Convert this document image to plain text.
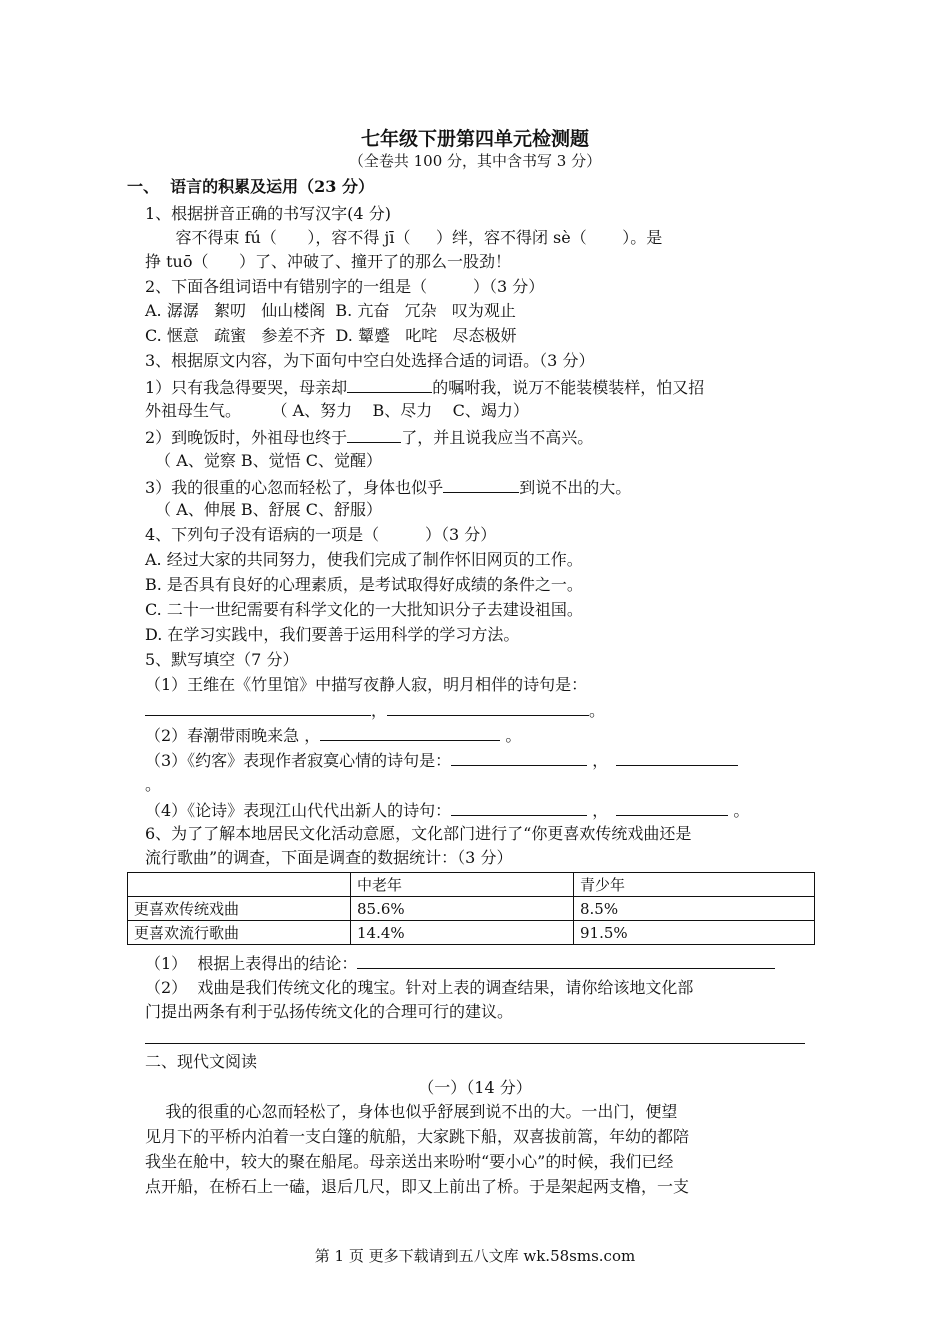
七年级下册第四单元检测题
（全卷共 100 分，其中含书写 3 分）
一、  语言的积累及运用（23 分）
1、根据拼音正确的书写汉字(4 分)
容不得束 fú（      ），容不得 jī（     ）绊，容不得闭 sè（       ）。是
挣 tuō（      ）了、冲破了、撞开了的那么一股劲！
2、下面各组词语中有错别字的一组是（         ）（3 分）
A. 潺潺   絮叨   仙山楼阁  B. 亢奋   冗杂   叹为观止
C. 惬意   疏蜜   参差不齐  D. 颦蹙   叱咤   尽态极妍
3、根据原文内容，为下面句中空白处选择合适的词语。（3 分）
1）只有我急得要哭，母亲却	的嘱咐我，说万不能装模装样，怕又招
外祖母生气。      （ A、努力    B、尽力    C、竭力）
2）到晚饭时，外祖母也终于	了，并且说我应当不高兴。
（ A、觉察 B、觉悟 C、觉醒）
3）我的很重的心忽而轻松了，身体也似乎	到说不出的大。
（ A、伸展 B、舒展 C、舒服）
4、下列句子没有语病的一项是（         ）（3 分）
A. 经过大家的共同努力，使我们完成了制作怀旧网页的工作。
B. 是否具有良好的心理素质，是考试取得好成绩的条件之一。
C. 二十一世纪需要有科学文化的一大批知识分子去建设祖国。
D. 在学习实践中，我们要善于运用科学的学习方法。
5、默写填空（7 分）
（1）王维在《竹里馆》中描写夜静人寂，明月相伴的诗句是：
，	。
（2）春潮带雨晚来急 ，	。
（3）《约客》表现作者寂寞心情的诗句是：	，
。
（4）《论诗》表现江山代代出新人的诗句：	，	。
6、为了了解本地居民文化活动意愿，文化部门进行了“你更喜欢传统戏曲还是
流行歌曲”的调查，下面是调查的数据统计：（3 分）
	中老年	青少年
更喜欢传统戏曲	85.6%	8.5%
更喜欢流行歌曲	14.4%	91.5%
（1）  根据上表得出的结论：
（2）  戏曲是我们传统文化的瑰宝。针对上表的调查结果，请你给该地文化部
门提出两条有利于弘扬传统文化的合理可行的建议。
二、现代文阅读
（一）（14 分）
我的很重的心忽而轻松了，身体也似乎舒展到说不出的大。一出门，便望
见月下的平桥内泊着一支白篷的航船，大家跳下船，双喜拔前篙，年幼的都陪
我坐在舱中，较大的聚在船尾。母亲送出来吩咐“要小心”的时候，我们已经
点开船，在桥石上一磕，退后几尺，即又上前出了桥。于是架起两支橹，一支
第 1 页 更多下载请到五八文库 wk.58sms.com
